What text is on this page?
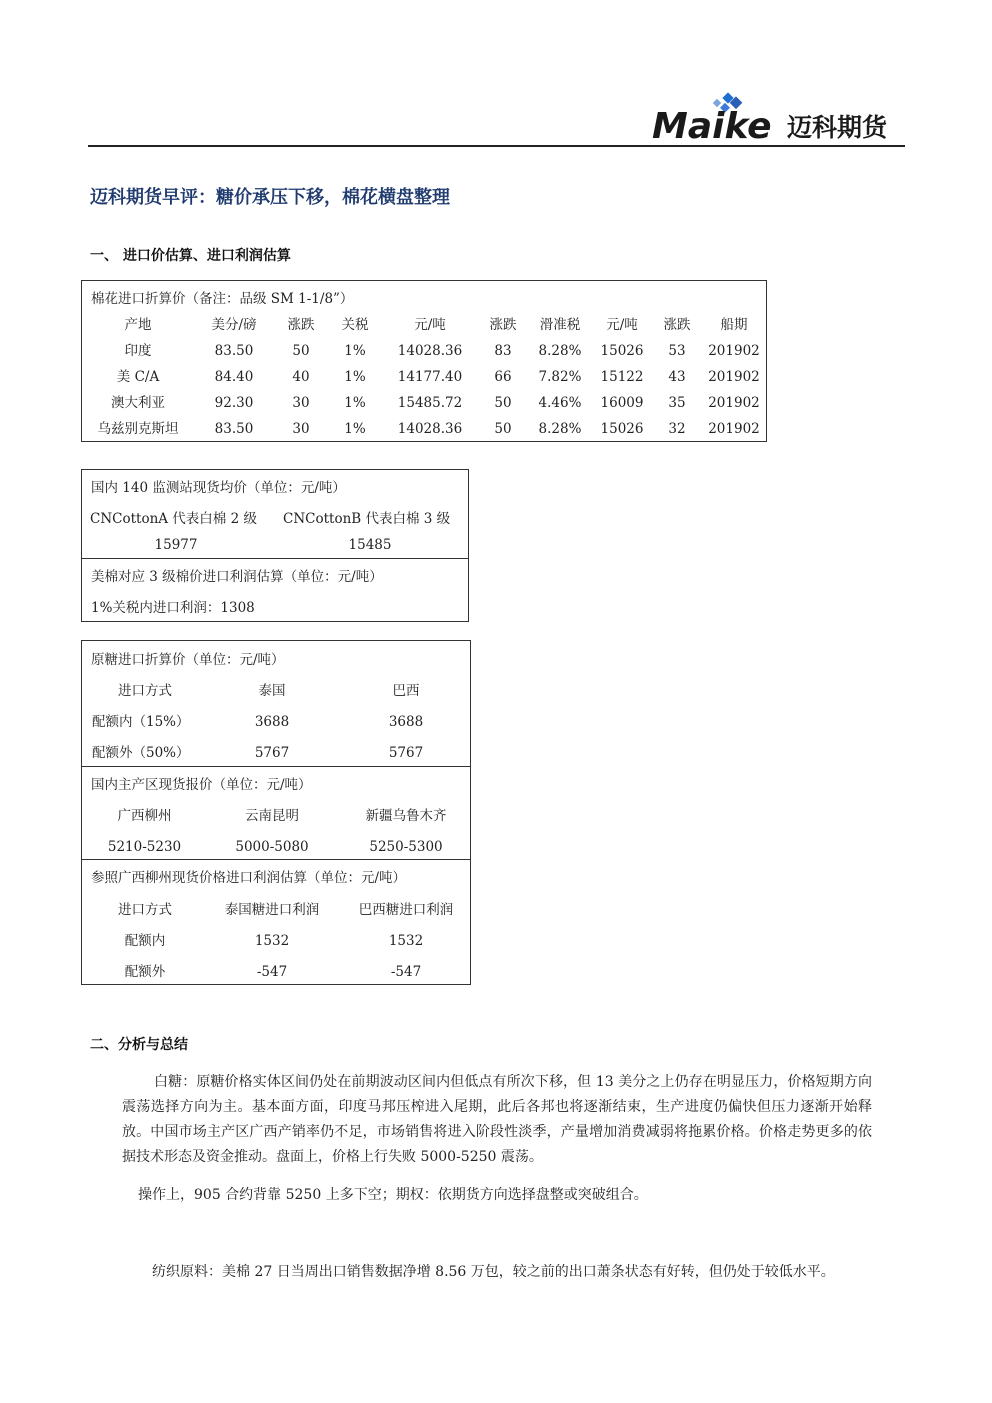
Maike 迈科期货
迈科期货早评：糖价承压下移，棉花横盘整理
一、 进口价估算、进口利润估算
棉花进口折算价（备注：品级 SM 1-1/8”）
产地	美分/磅	涨跌	关税	元/吨	涨跌	滑准税	元/吨	涨跌	船期
印度	83.50	50	1%	14028.36	83	8.28%	15026	53	201902
美 C/A	84.40	40	1%	14177.40	66	7.82%	15122	43	201902
澳大利亚	92.30	30	1%	15485.72	50	4.46%	16009	35	201902
乌兹别克斯坦	83.50	30	1%	14028.36	50	8.28%	15026	32	201902
国内 140 监测站现货均价（单位：元/吨）
CNCottonA 代表白棉 2 级 CNCottonB 代表白棉 3 级
15977	15485
美棉对应 3 级棉价进口利润估算（单位：元/吨）
1%关税内进口利润：1308
原糖进口折算价（单位：元/吨）
进口方式	泰国	巴西
配额内（15%）	3688	3688
配额外（50%）	5767	5767
国内主产区现货报价（单位：元/吨）
广西柳州	云南昆明	新疆乌鲁木齐
5210-5230	5000-5080	5250-5300
参照广西柳州现货价格进口利润估算（单位：元/吨）
进口方式	泰国糖进口利润	巴西糖进口利润
配额内	1532	1532
配额外	-547	-547
二、分析与总结
白糖：原糖价格实体区间仍处在前期波动区间内但低点有所次下移，但 13 美分之上仍存在明显压力，价格短期方向震荡选择方向为主。基本面方面，印度马邦压榨进入尾期，此后各邦也将逐渐结束，生产进度仍偏快但压力逐渐开始释放。中国市场主产区广西产销率仍不足，市场销售将进入阶段性淡季，产量增加消费减弱将拖累价格。价格走势更多的依据技术形态及资金推动。盘面上，价格上行失败 5000-5250 震荡。
操作上，905 合约背靠 5250 上多下空；期权：依期货方向选择盘整或突破组合。
纺织原料：美棉 27 日当周出口销售数据净增 8.56 万包，较之前的出口萧条状态有好转，但仍处于较低水平。
